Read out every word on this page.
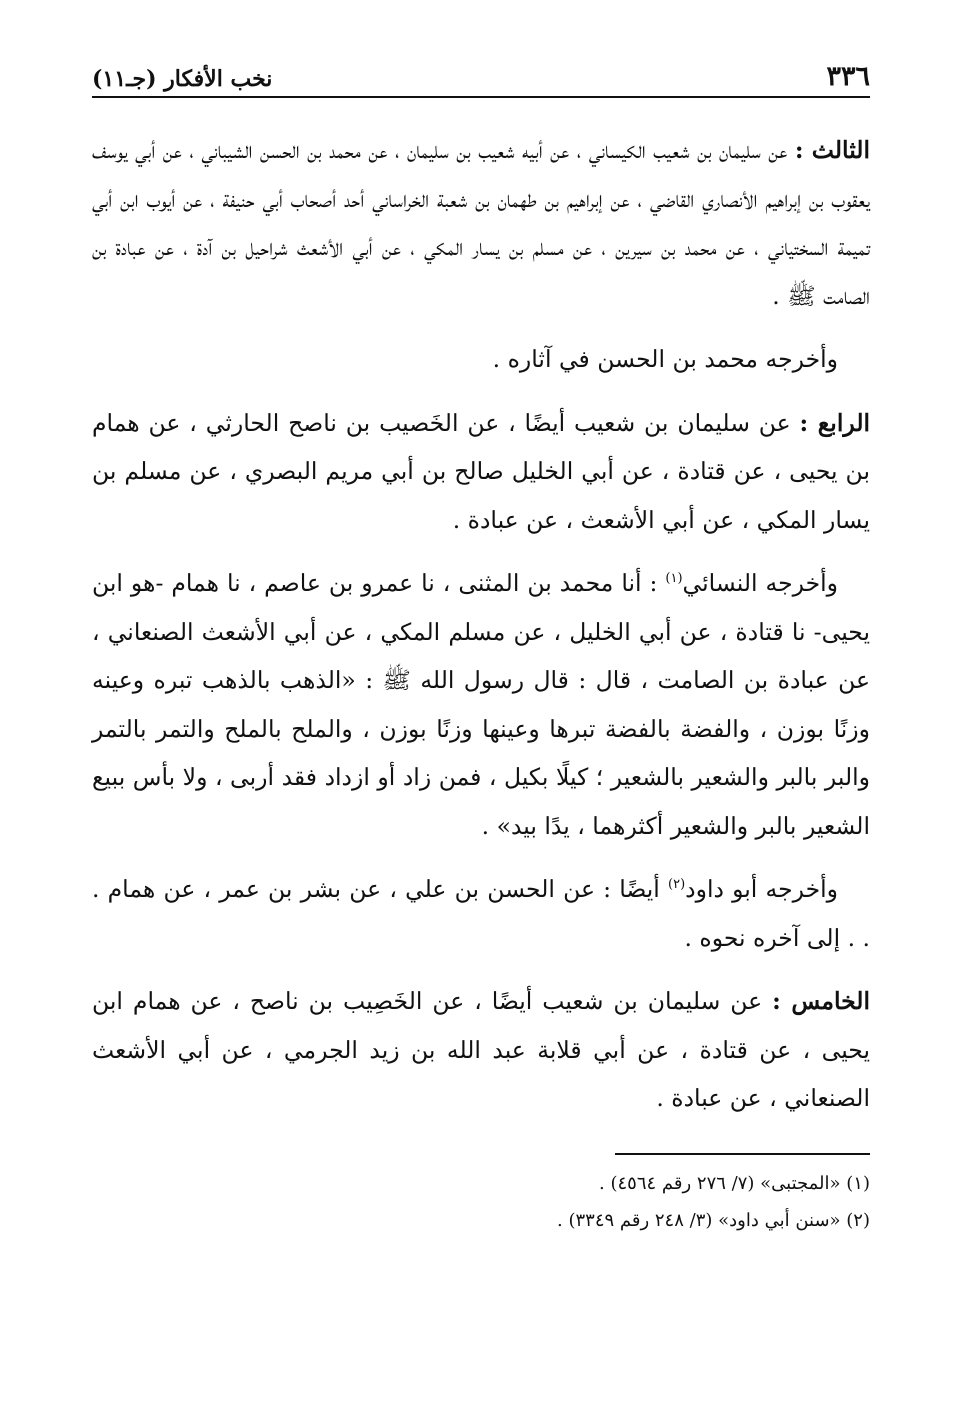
٣٣٦
نخب الأفكار (جـ١١)

الثالث : عن سليمان بن شعيب الكيساني ، عن أبيه شعيب بن سليمان ، عن محمد بن الحسن الشيباني ، عن أبي يوسف يعقوب بن إبراهيم الأنصاري القاضي ، عن إبراهيم بن طهمان بن شعبة الخراساني أحد أصحاب أبي حنيفة ، عن أيوب ابن أبي تميمة السختياني ، عن محمد بن سيرين ، عن مسلم بن يسار المكي ، عن أبي الأشعث شراحيل بن آدة ، عن عبادة بن الصامت ﷺ .

وأخرجه محمد بن الحسن في آثاره .

الرابع : عن سليمان بن شعيب أيضًا ، عن الخَصيب بن ناصح الحارثي ، عن همام بن يحيى ، عن قتادة ، عن أبي الخليل صالح بن أبي مريم البصري ، عن مسلم بن يسار المكي ، عن أبي الأشعث ، عن عبادة .

وأخرجه النسائي$^{(١)}$ : أنا محمد بن المثنى ، نا عمرو بن عاصم ، نا همام -هو ابن يحيى- نا قتادة ، عن أبي الخليل ، عن مسلم المكي ، عن أبي الأشعث الصنعاني ، عن عبادة بن الصامت ، قال : قال رسول الله ﷺ : «الذهب بالذهب تبره وعينه وزنًا بوزن ، والفضة بالفضة تبرها وعينها وزنًا بوزن ، والملح بالملح والتمر بالتمر والبر بالبر والشعير بالشعير ؛ كيلًا بكيل ، فمن زاد أو ازداد فقد أربى ، ولا بأس ببيع الشعير بالبر والشعير أكثرهما ، يدًا بيد» .

وأخرجه أبو داود$^{(٢)}$ أيضًا : عن الحسن بن علي ، عن بشر بن عمر ، عن همام . . . إلى آخره نحوه .

الخامس : عن سليمان بن شعيب أيضًا ، عن الخَصِيب بن ناصح ، عن همام ابن يحيى ، عن قتادة ، عن أبي قلابة عبد الله بن زيد الجرمي ، عن أبي الأشعث الصنعاني ، عن عبادة .

(١) «المجتبى» (٧/ ٢٧٦ رقم ٤٥٦٤) .
(٢) «سنن أبي داود» (٣/ ٢٤٨ رقم ٣٣٤٩) .
